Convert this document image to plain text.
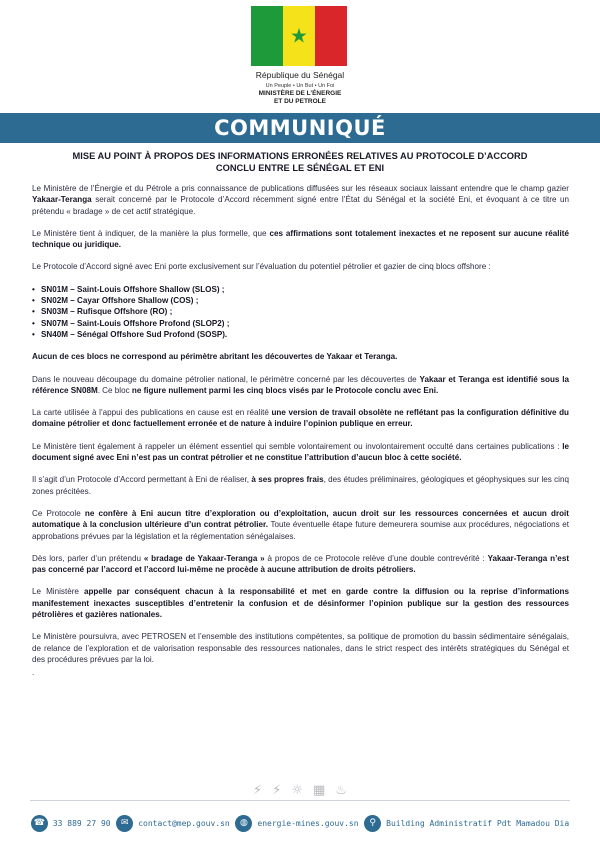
★
République du Sénégal
Un Peuple • Un But • Un Foi
MINISTÈRE DE L’ÉNERGIE
ET DU PETROLE
COMMUNIQUÉ
MISE AU POINT À PROPOS DES INFORMATIONS ERRONÉES RELATIVES AU PROTOCOLE D’ACCORD
CONCLU ENTRE LE SÉNÉGAL ET ENI

Le Ministère de l’Énergie et du Pétrole a pris connaissance de publications diffusées sur les réseaux sociaux laissant entendre que le champ gazier Yakaar-Teranga serait concerné par le Protocole d’Accord récemment signé entre l’État du Sénégal et la société Eni, et évoquant à ce titre un prétendu « bradage » de cet actif stratégique.

Le Ministère tient à indiquer, de la manière la plus formelle, que ces affirmations sont totalement inexactes et ne reposent sur aucune réalité technique ou juridique.

Le Protocole d’Accord signé avec Eni porte exclusivement sur l’évaluation du potentiel pétrolier et gazier de cinq blocs offshore :

• SN01M – Saint-Louis Offshore Shallow (SLOS) ;
• SN02M – Cayar Offshore Shallow (COS) ;
• SN03M – Rufisque Offshore (RO) ;
• SN07M – Saint-Louis Offshore Profond (SLOP2) ;
• SN40M – Sénégal Offshore Sud Profond (SOSP).

Aucun de ces blocs ne correspond au périmètre abritant les découvertes de Yakaar et Teranga.

Dans le nouveau découpage du domaine pétrolier national, le périmètre concerné par les découvertes de Yakaar et Teranga est identifié sous la référence SN08M. Ce bloc ne figure nullement parmi les cinq blocs visés par le Protocole conclu avec Eni.

La carte utilisée à l’appui des publications en cause est en réalité une version de travail obsolète ne reflétant pas la configuration définitive du domaine pétrolier et donc factuellement erronée et de nature à induire l’opinion publique en erreur.

Le Ministère tient également à rappeler un élément essentiel qui semble volontairement ou involontairement occulté dans certaines publications : le document signé avec Eni n’est pas un contrat pétrolier et ne constitue l’attribution d’aucun bloc à cette société.

Il s’agit d’un Protocole d’Accord permettant à Eni de réaliser, à ses propres frais, des études préliminaires, géologiques et géophysiques sur les cinq zones précitées.

Ce Protocole ne confère à Eni aucun titre d’exploration ou d’exploitation, aucun droit sur les ressources concernées et aucun droit automatique à la conclusion ultérieure d’un contrat pétrolier. Toute éventuelle étape future demeurera soumise aux procédures, négociations et approbations prévues par la législation et la réglementation sénégalaises.

Dès lors, parler d’un prétendu « bradage de Yakaar-Teranga » à propos de ce Protocole relève d’une double contrevérité : Yakaar-Teranga n’est pas concerné par l’accord et l’accord lui-même ne procède à aucune attribution de droits pétroliers.

Le Ministère appelle par conséquent chacun à la responsabilité et met en garde contre la diffusion ou la reprise d’informations manifestement inexactes susceptibles d’entretenir la confusion et de désinformer l’opinion publique sur la gestion des ressources pétrolières et gazières nationales.

Le Ministère poursuivra, avec PETROSEN et l’ensemble des institutions compétentes, sa politique de promotion du bassin sédimentaire sénégalais, de relance de l’exploration et de valorisation responsable des ressources nationales, dans le strict respect des intérêts stratégiques du Sénégal et des procédures prévues par la loi.

.
⚡ ⚡ ☼ ▦ ♨
☎ 33 889 27 90	✉	contact@mep.gouv.sn	◍	energie-mines.gouv.sn	⚲	Building Administratif Pdt Mamadou Dia
